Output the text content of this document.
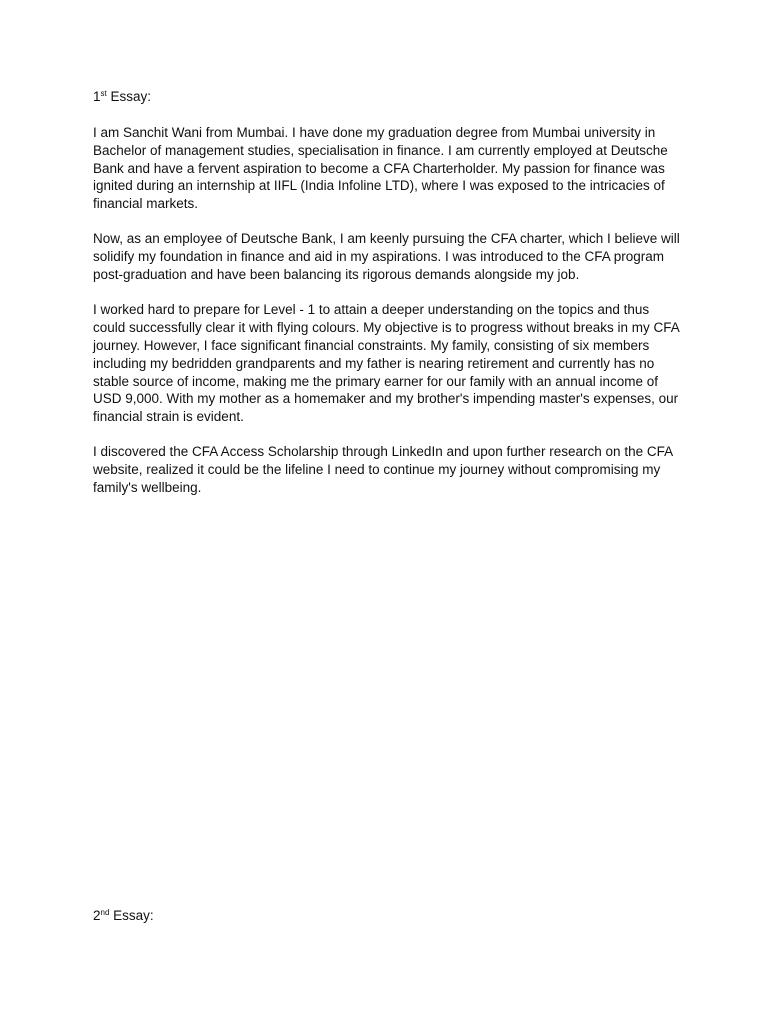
1st Essay:

I am Sanchit Wani from Mumbai. I have done my graduation degree from Mumbai university in Bachelor of management studies, specialisation in finance. I am currently employed at Deutsche Bank and have a fervent aspiration to become a CFA Charterholder. My passion for finance was ignited during an internship at IIFL (India Infoline LTD), where I was exposed to the intricacies of financial markets.

Now, as an employee of Deutsche Bank, I am keenly pursuing the CFA charter, which I believe will solidify my foundation in finance and aid in my aspirations. I was introduced to the CFA program post-graduation and have been balancing its rigorous demands alongside my job.

I worked hard to prepare for Level - 1 to attain a deeper understanding on the topics and thus could successfully clear it with flying colours. My objective is to progress without breaks in my CFA journey. However, I face significant financial constraints. My family, consisting of six members including my bedridden grandparents and my father is nearing retirement and currently has no stable source of income, making me the primary earner for our family with an annual income of USD 9,000. With my mother as a homemaker and my brother's impending master's expenses, our financial strain is evident.

I discovered the CFA Access Scholarship through LinkedIn and upon further research on the CFA website, realized it could be the lifeline I need to continue my journey without compromising my family's wellbeing.

2nd Essay:
